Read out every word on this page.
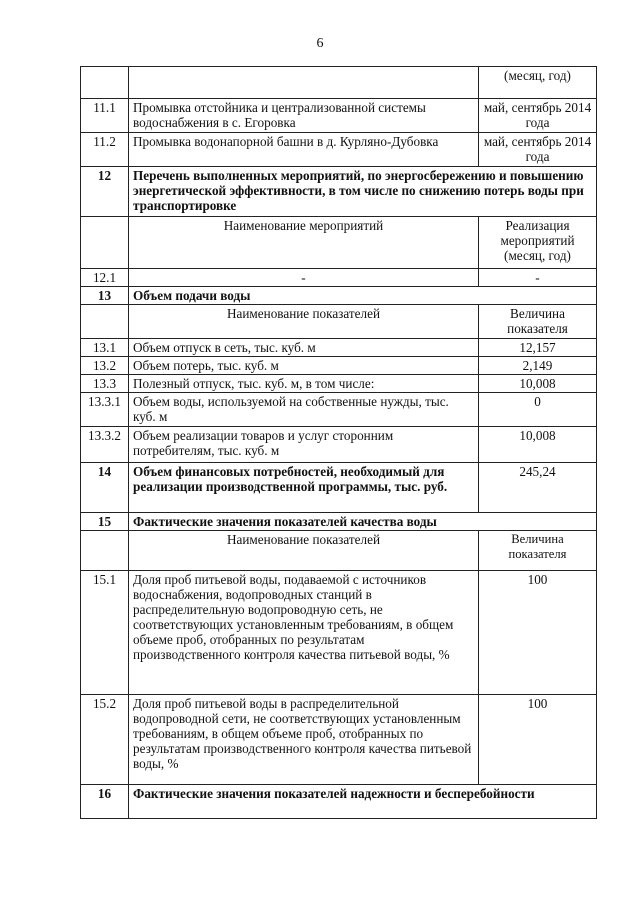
6
		(месяц, год)
11.1	Промывка отстойника и централизованной системы водоснабжения в с. Егоровка	май, сентябрь 2014 года
11.2	Промывка водонапорной башни в д. Курляно-Дубовка	май, сентябрь 2014 года
12	Перечень выполненных мероприятий, по энергосбережению и повышению энергетической эффективности, в том числе по снижению потерь воды при транспортировке	
	Наименование мероприятий	Реализация мероприятий (месяц, год)
12.1	-	-
13	Объем подачи воды	
	Наименование показателей	Величина показателя
13.1	Объем отпуск в сеть, тыс. куб. м	12,157
13.2	Объем потерь, тыс. куб. м	2,149
13.3	Полезный отпуск, тыс. куб. м, в том числе:	10,008
13.3.1	Объем воды, используемой на собственные нужды, тыс. куб. м	0
13.3.2	Объем реализации товаров и услуг сторонним потребителям, тыс. куб. м	10,008
14	Объем финансовых потребностей, необходимый для реализации производственной программы, тыс. руб.	245,24
15	Фактические значения показателей качества воды	
	Наименование показателей	Величина показателя
15.1	Доля проб питьевой воды, подаваемой с источников водоснабжения, водопроводных станций в распределительную водопроводную сеть, не соответствующих установленным требованиям, в общем объеме проб, отобранных по результатам производственного контроля качества питьевой воды, %	100
15.2	Доля проб питьевой воды в распределительной водопроводной сети, не соответствующих установленным требованиям, в общем объеме проб, отобранных по результатам производственного контроля качества питьевой воды, %	100
16	Фактические значения показателей надежности и бесперебойности	
